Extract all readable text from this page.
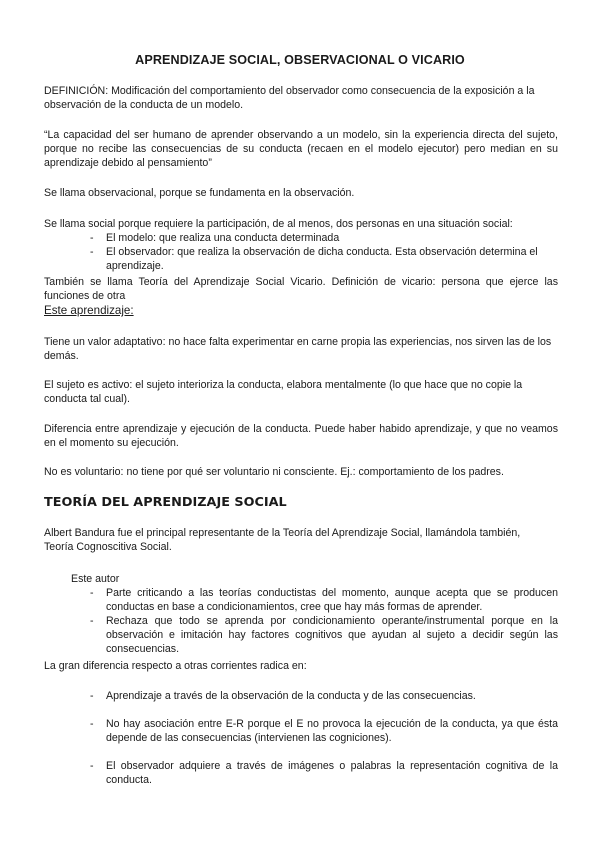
APRENDIZAJE SOCIAL, OBSERVACIONAL O VICARIO

DEFINICIÓN: Modificación del comportamiento del observador como consecuencia de la exposición a la observación de la conducta de un modelo.

“La capacidad del ser humano de aprender observando a un modelo, sin la experiencia directa del sujeto, porque no recibe las consecuencias de su conducta (recaen en el modelo ejecutor) pero median en su aprendizaje debido al pensamiento”

Se llama observacional, porque se fundamenta en la observación.

Se llama social porque requiere la participación, de al menos, dos personas en una situación social:

- El modelo: que realiza una conducta determinada
- El observador: que realiza la observación de dicha conducta. Esta observación determina el aprendizaje.

También se llama Teoría del Aprendizaje Social Vicario. Definición de vicario: persona que ejerce las funciones de otra

Este aprendizaje:

Tiene un valor adaptativo: no hace falta experimentar en carne propia las experiencias, nos sirven las de los demás.

El sujeto es activo: el sujeto interioriza la conducta, elabora mentalmente (lo que hace que no copie la conducta tal cual).

Diferencia entre aprendizaje y ejecución de la conducta. Puede haber habido aprendizaje, y que no veamos en el momento su ejecución.

No es voluntario: no tiene por qué ser voluntario ni consciente. Ej.: comportamiento de los padres.

TEORÍA DEL APRENDIZAJE SOCIAL

Albert Bandura fue el principal representante de la Teoría del Aprendizaje Social, llamándola también, Teoría Cognoscitiva Social.

Este autor

- Parte criticando a las teorías conductistas del momento, aunque acepta que se producen conductas en base a condicionamientos, cree que hay más formas de aprender.
- Rechaza que todo se aprenda por condicionamiento operante/instrumental porque en la observación e imitación hay factores cognitivos que ayudan al sujeto a decidir según las consecuencias.

La gran diferencia respecto a otras corrientes radica en:

- Aprendizaje a través de la observación de la conducta y de las consecuencias.
- No hay asociación entre E-R porque el E no provoca la ejecución de la conducta, ya que ésta depende de las consecuencias (intervienen las cogniciones).
- El observador adquiere a través de imágenes o palabras la representación cognitiva de la conducta.
